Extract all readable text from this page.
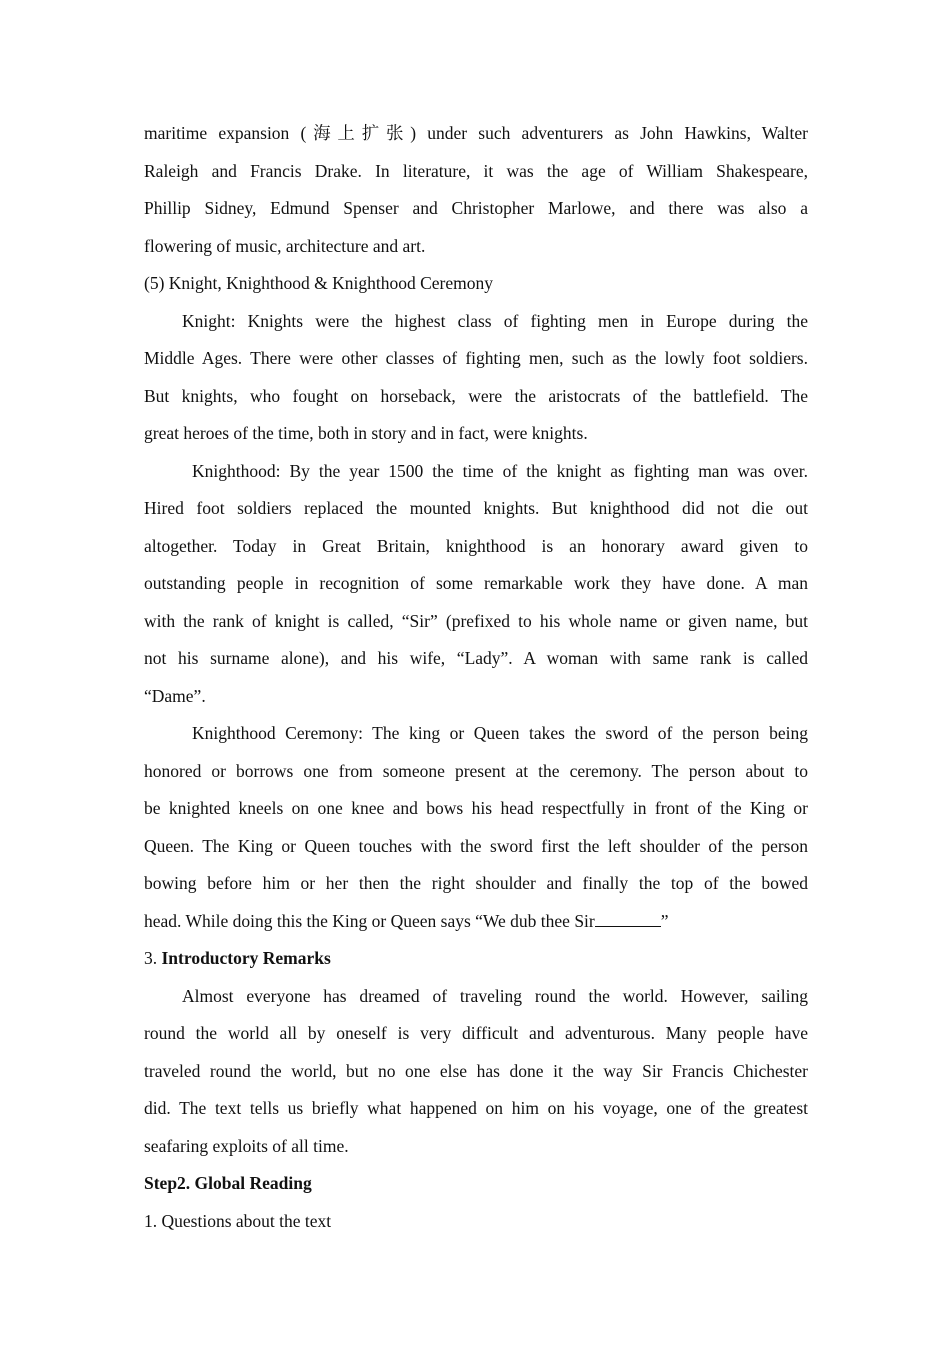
maritime expansion (海上扩张) under such adventurers as John Hawkins, Walter
Raleigh and Francis Drake. In literature, it was the age of William Shakespeare,
Phillip Sidney, Edmund Spenser and Christopher Marlowe, and there was also a
flowering of music, architecture and art.
(5) Knight, Knighthood & Knighthood Ceremony
Knight: Knights were the highest class of fighting men in Europe during the
Middle Ages. There were other classes of fighting men, such as the lowly foot soldiers.
But knights, who fought on horseback, were the aristocrats of the battlefield. The
great heroes of the time, both in story and in fact, were knights.
Knighthood: By the year 1500 the time of the knight as fighting man was over.
Hired foot soldiers replaced the mounted knights. But knighthood did not die out
altogether. Today in Great Britain, knighthood is an honorary award given to
outstanding people in recognition of some remarkable work they have done. A man
with the rank of knight is called, “Sir” (prefixed to his whole name or given name, but
not his surname alone), and his wife, “Lady”. A woman with same rank is called
“Dame”.
Knighthood Ceremony: The king or Queen takes the sword of the person being
honored or borrows one from someone present at the ceremony. The person about to
be knighted kneels on one knee and bows his head respectfully in front of the King or
Queen. The King or Queen touches with the sword first the left shoulder of the person
bowing before him or her then the right shoulder and finally the top of the bowed
head. While doing this the King or Queen says “We dub thee Sir	”
3. Introductory Remarks
Almost everyone has dreamed of traveling round the world. However, sailing
round the world all by oneself is very difficult and adventurous. Many people have
traveled round the world, but no one else has done it the way Sir Francis Chichester
did. The text tells us briefly what happened on him on his voyage, one of the greatest
seafaring exploits of all time.
Step2. Global Reading
1. Questions about the text
